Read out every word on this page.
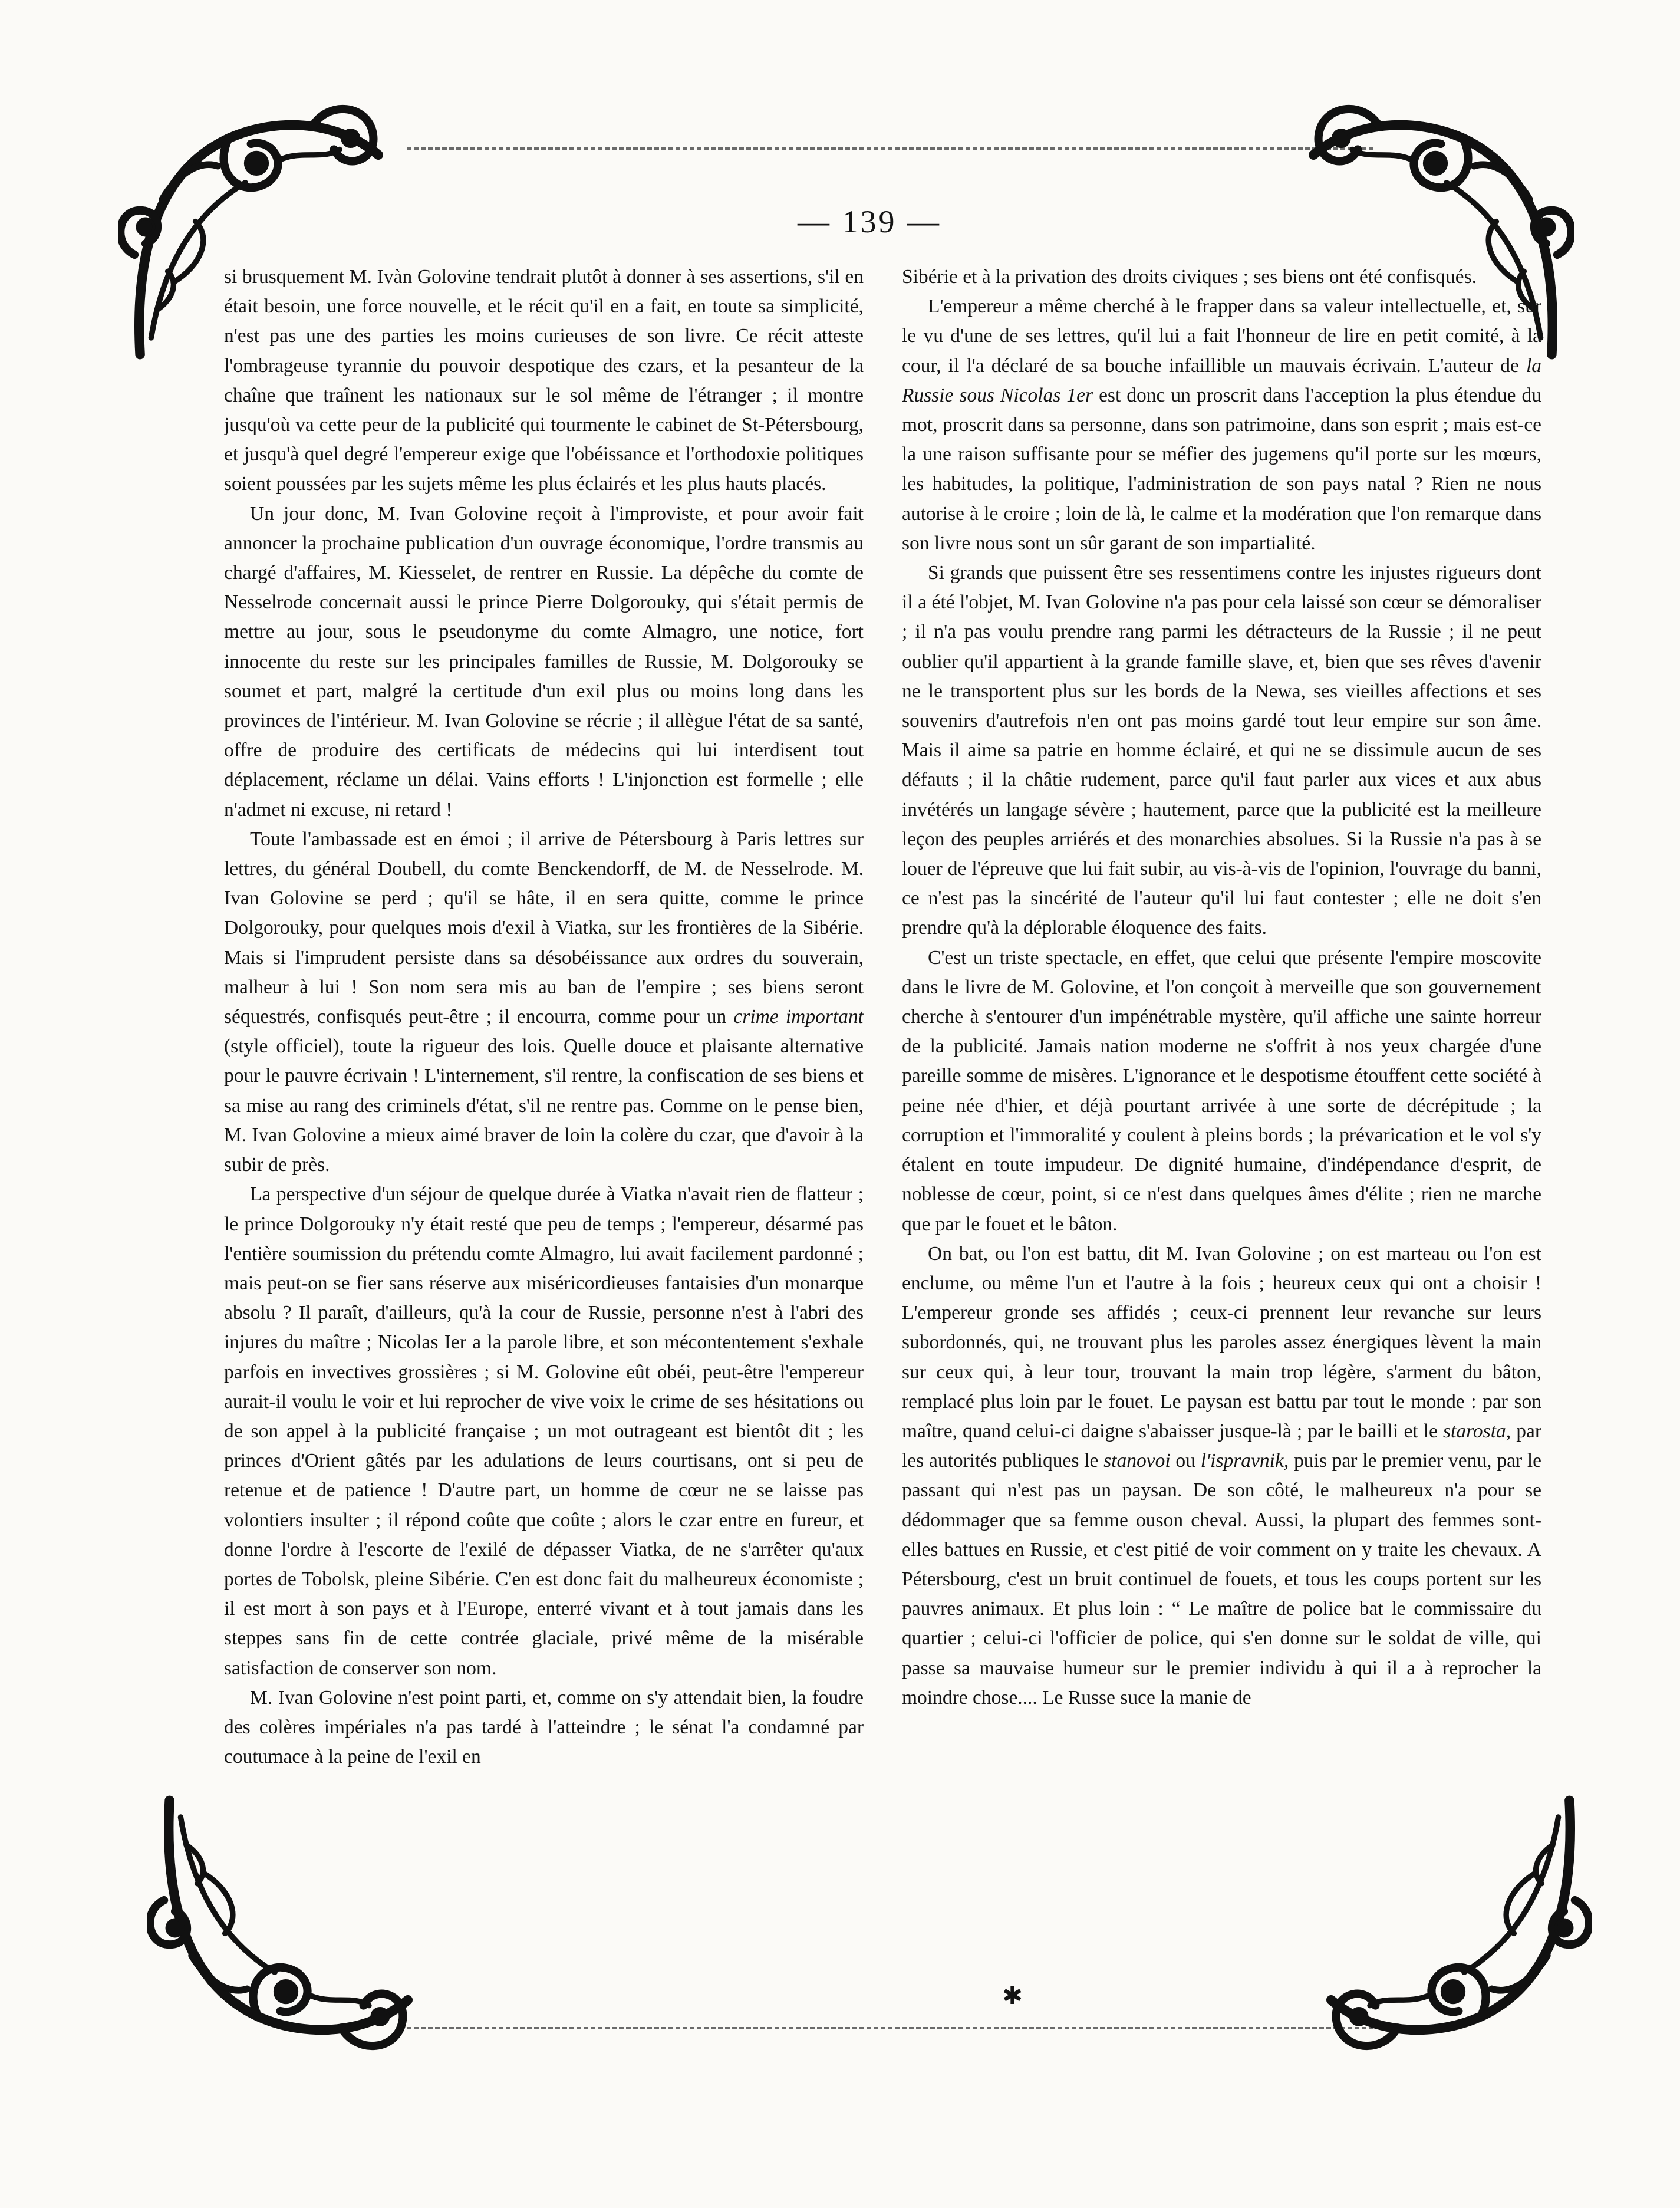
— 139 —

si brusquement M. Ivàn Golovine tendrait plutôt à donner à ses assertions, s'il en était besoin, une force nouvelle, et le récit qu'il en a fait, en toute sa simplicité, n'est pas une des parties les moins curieuses de son livre. Ce récit atteste l'ombrageuse tyrannie du pouvoir despotique des czars, et la pesanteur de la chaîne que traînent les nationaux sur le sol même de l'étranger ; il montre jusqu'où va cette peur de la publicité qui tourmente le cabinet de St-Pétersbourg, et jusqu'à quel degré l'empereur exige que l'obéissance et l'orthodoxie politiques soient poussées par les sujets même les plus éclairés et les plus hauts placés.

Un jour donc, M. Ivan Golovine reçoit à l'improviste, et pour avoir fait annoncer la prochaine publication d'un ouvrage économique, l'ordre transmis au chargé d'affaires, M. Kiesselet, de rentrer en Russie. La dépêche du comte de Nesselrode concernait aussi le prince Pierre Dolgorouky, qui s'était permis de mettre au jour, sous le pseudonyme du comte Almagro, une notice, fort innocente du reste sur les principales familles de Russie, M. Dolgorouky se soumet et part, malgré la certitude d'un exil plus ou moins long dans les provinces de l'intérieur. M. Ivan Golovine se récrie ; il allègue l'état de sa santé, offre de produire des certificats de médecins qui lui interdisent tout déplacement, réclame un délai. Vains efforts ! L'injonction est formelle ; elle n'admet ni excuse, ni retard !

Toute l'ambassade est en émoi ; il arrive de Pétersbourg à Paris lettres sur lettres, du général Doubell, du comte Benckendorff, de M. de Nesselrode. M. Ivan Golovine se perd ; qu'il se hâte, il en sera quitte, comme le prince Dolgorouky, pour quelques mois d'exil à Viatka, sur les frontières de la Sibérie. Mais si l'imprudent persiste dans sa désobéissance aux ordres du souverain, malheur à lui ! Son nom sera mis au ban de l'empire ; ses biens seront séquestrés, confisqués peut-être ; il encourra, comme pour un crime important (style officiel), toute la rigueur des lois. Quelle douce et plaisante alternative pour le pauvre écrivain ! L'internement, s'il rentre, la confiscation de ses biens et sa mise au rang des criminels d'état, s'il ne rentre pas. Comme on le pense bien, M. Ivan Golovine a mieux aimé braver de loin la colère du czar, que d'avoir à la subir de près.

La perspective d'un séjour de quelque durée à Viatka n'avait rien de flatteur ; le prince Dolgorouky n'y était resté que peu de temps ; l'empereur, désarmé pas l'entière soumission du prétendu comte Almagro, lui avait facilement pardonné ; mais peut-on se fier sans réserve aux miséricordieuses fantaisies d'un monarque absolu ? Il paraît, d'ailleurs, qu'à la cour de Russie, personne n'est à l'abri des injures du maître ; Nicolas Ier a la parole libre, et son mécontentement s'exhale parfois en invectives grossières ; si M. Golovine eût obéi, peut-être l'empereur aurait-il voulu le voir et lui reprocher de vive voix le crime de ses hésitations ou de son appel à la publicité française ; un mot outrageant est bientôt dit ; les princes d'Orient gâtés par les adulations de leurs courtisans, ont si peu de retenue et de patience ! D'autre part, un homme de cœur ne se laisse pas volontiers insulter ; il répond coûte que coûte ; alors le czar entre en fureur, et donne l'ordre à l'escorte de l'exilé de dépasser Viatka, de ne s'arrêter qu'aux portes de Tobolsk, pleine Sibérie. C'en est donc fait du malheureux économiste ; il est mort à son pays et à l'Europe, enterré vivant et à tout jamais dans les steppes sans fin de cette contrée glaciale, privé même de la misérable satisfaction de conserver son nom.

M. Ivan Golovine n'est point parti, et, comme on s'y attendait bien, la foudre des colères impériales n'a pas tardé à l'atteindre ; le sénat l'a condamné par coutumace à la peine de l'exil en

Sibérie et à la privation des droits civiques ; ses biens ont été confisqués.

L'empereur a même cherché à le frapper dans sa valeur intellectuelle, et, sur le vu d'une de ses lettres, qu'il lui a fait l'honneur de lire en petit comité, à la cour, il l'a déclaré de sa bouche infaillible un mauvais écrivain. L'auteur de la Russie sous Nicolas 1er est donc un proscrit dans l'acception la plus étendue du mot, proscrit dans sa personne, dans son patrimoine, dans son esprit ; mais est-ce la une raison suffisante pour se méfier des jugemens qu'il porte sur les mœurs, les habitudes, la politique, l'administration de son pays natal ? Rien ne nous autorise à le croire ; loin de là, le calme et la modération que l'on remarque dans son livre nous sont un sûr garant de son impartialité.

Si grands que puissent être ses ressentimens contre les injustes rigueurs dont il a été l'objet, M. Ivan Golovine n'a pas pour cela laissé son cœur se démoraliser ; il n'a pas voulu prendre rang parmi les détracteurs de la Russie ; il ne peut oublier qu'il appartient à la grande famille slave, et, bien que ses rêves d'avenir ne le transportent plus sur les bords de la Newa, ses vieilles affections et ses souvenirs d'autrefois n'en ont pas moins gardé tout leur empire sur son âme. Mais il aime sa patrie en homme éclairé, et qui ne se dissimule aucun de ses défauts ; il la châtie rudement, parce qu'il faut parler aux vices et aux abus invétérés un langage sévère ; hautement, parce que la publicité est la meilleure leçon des peuples arriérés et des monarchies absolues. Si la Russie n'a pas à se louer de l'épreuve que lui fait subir, au vis-à-vis de l'opinion, l'ouvrage du banni, ce n'est pas la sincérité de l'auteur qu'il lui faut contester ; elle ne doit s'en prendre qu'à la déplorable éloquence des faits.

C'est un triste spectacle, en effet, que celui que présente l'empire moscovite dans le livre de M. Golovine, et l'on conçoit à merveille que son gouvernement cherche à s'entourer d'un impénétrable mystère, qu'il affiche une sainte horreur de la publicité. Jamais nation moderne ne s'offrit à nos yeux chargée d'une pareille somme de misères. L'ignorance et le despotisme étouffent cette société à peine née d'hier, et déjà pourtant arrivée à une sorte de décrépitude ; la corruption et l'immoralité y coulent à pleins bords ; la prévarication et le vol s'y étalent en toute impudeur. De dignité humaine, d'indépendance d'esprit, de noblesse de cœur, point, si ce n'est dans quelques âmes d'élite ; rien ne marche que par le fouet et le bâton.

On bat, ou l'on est battu, dit M. Ivan Golovine ; on est marteau ou l'on est enclume, ou même l'un et l'autre à la fois ; heureux ceux qui ont a choisir ! L'empereur gronde ses affidés ; ceux-ci prennent leur revanche sur leurs subordonnés, qui, ne trouvant plus les paroles assez énergiques lèvent la main sur ceux qui, à leur tour, trouvant la main trop légère, s'arment du bâton, remplacé plus loin par le fouet. Le paysan est battu par tout le monde : par son maître, quand celui-ci daigne s'abaisser jusque-là ; par le bailli et le starosta, par les autorités publiques le stanovoi ou l'ispravnik, puis par le premier venu, par le passant qui n'est pas un paysan. De son côté, le malheureux n'a pour se dédommager que sa femme ouson cheval. Aussi, la plupart des femmes sont-elles battues en Russie, et c'est pitié de voir comment on y traite les chevaux. A Pétersbourg, c'est un bruit continuel de fouets, et tous les coups portent sur les pauvres animaux. Et plus loin : “ Le maître de police bat le commissaire du quartier ; celui-ci l'officier de police, qui s'en donne sur le soldat de ville, qui passe sa mauvaise humeur sur le premier individu à qui il a à reprocher la moindre chose.... Le Russe suce la manie de

✱
